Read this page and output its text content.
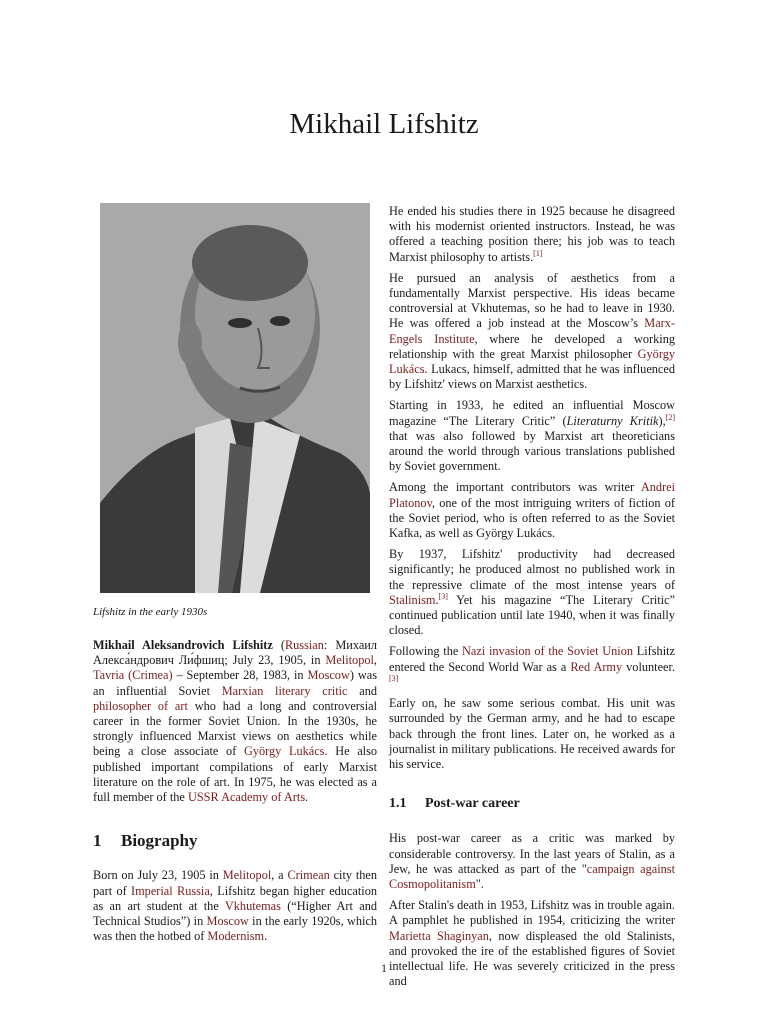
Mikhail Lifshitz
Lifshitz in the early 1930s

Mikhail Aleksandrovich Lifshitz (Russian: Михаил Алекса́ндрович Ли́фшиц; July 23, 1905, in Melitopol, Tavria (Crimea) – September 28, 1983, in Moscow) was an influential Soviet Marxian literary critic and philosopher of art who had a long and controversial career in the former Soviet Union. In the 1930s, he strongly influenced Marxist views on aesthetics while being a close associate of György Lukács. He also published important compilations of early Marxist literature on the role of art. In 1975, he was elected as a full member of the USSR Academy of Arts.

1 Biography

Born on July 23, 1905 in Melitopol, a Crimean city then part of Imperial Russia, Lifshitz began higher education as an art student at the Vkhutemas (“Higher Art and Technical Studios”) in Moscow in the early 1920s, which was then the hotbed of Modernism.

He ended his studies there in 1925 because he disagreed with his modernist oriented instructors. Instead, he was offered a teaching position there; his job was to teach Marxist philosophy to artists.[1]

He pursued an analysis of aesthetics from a fundamentally Marxist perspective. His ideas became controversial at Vkhutemas, so he had to leave in 1930. He was offered a job instead at the Moscow’s Marx-Engels Institute, where he developed a working relationship with the great Marxist philosopher György Lukács. Lukacs, himself, admitted that he was influenced by Lifshitz' views on Marxist aesthetics.

Starting in 1933, he edited an influential Moscow magazine “The Literary Critic” (Literaturny Kritik),[2] that was also followed by Marxist art theoreticians around the world through various translations published by Soviet government.

Among the important contributors was writer Andrei Platonov, one of the most intriguing writers of fiction of the Soviet period, who is often referred to as the Soviet Kafka, as well as György Lukács.

By 1937, Lifshitz' productivity had decreased significantly; he produced almost no published work in the repressive climate of the most intense years of Stalinism.[3] Yet his magazine “The Literary Critic” continued publication until late 1940, when it was finally closed.

Following the Nazi invasion of the Soviet Union Lifshitz entered the Second World War as a Red Army volunteer.[3]

Early on, he saw some serious combat. His unit was surrounded by the German army, and he had to escape back through the front lines. Later on, he worked as a journalist in military publications. He received awards for his service.

1.1 Post-war career

His post-war career as a critic was marked by considerable controversy. In the last years of Stalin, as a Jew, he was attacked as part of the "campaign against Cosmopolitanism".

After Stalin's death in 1953, Lifshitz was in trouble again. A pamphlet he published in 1954, criticizing the writer Marietta Shaginyan, now displeased the old Stalinists, and provoked the ire of the established figures of Soviet intellectual life. He was severely criticized in the press and

1
